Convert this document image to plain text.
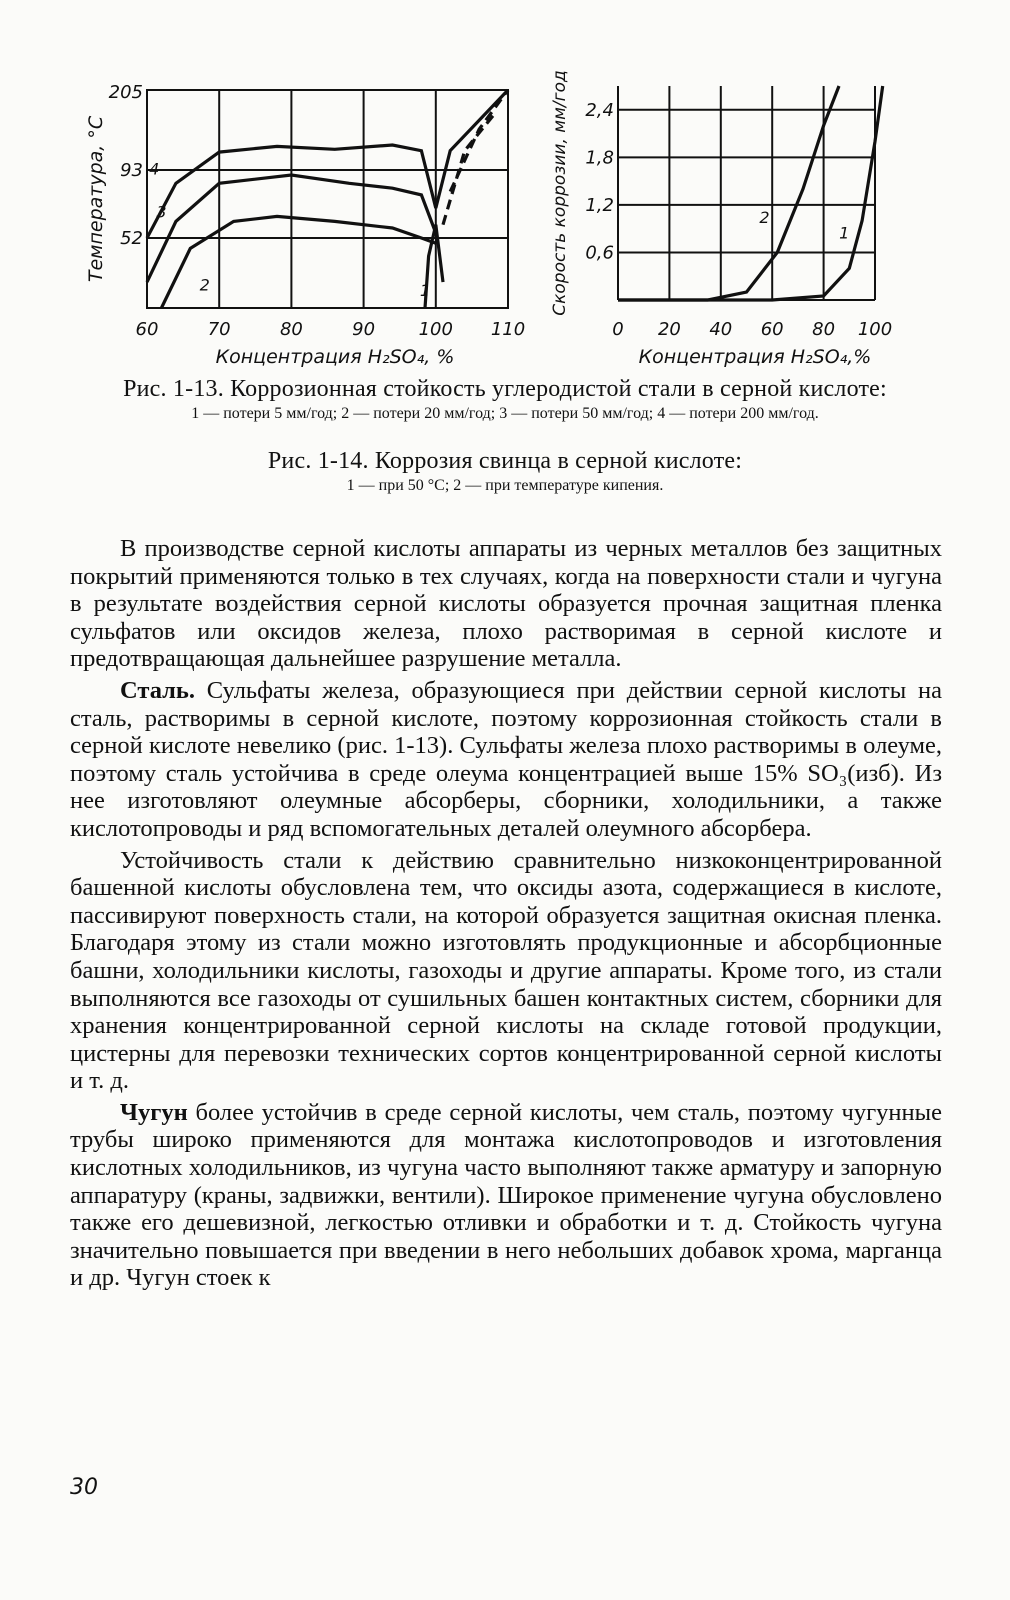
60	70	80	90 100 110
205
93
52
Концентрация H₂SO₄, %
Температура, °С
1
2
3
4
0 20 40 60 80 100
2,4
1,8
1,2
0,6
Концентрация H₂SO₄,%
Скорость коррозии, мм/год	1
2
Рис. 1-13. Коррозионная стойкость углеродистой стали в серной кислоте:
1 — потери 5 мм/год; 2 — потери 20 мм/год; 3 — потери 50 мм/год; 4 — потери 200 мм/год.
Рис. 1-14. Коррозия свинца в серной кислоте:
1 — при 50 °С; 2 — при температуре кипения.

В производстве серной кислоты аппараты из черных металлов без защитных покрытий применяются только в тех случаях, когда на поверхности стали и чугуна в результате воздействия серной кислоты образуется прочная защитная пленка сульфатов или оксидов железа, плохо растворимая в серной кислоте и предотвращающая дальнейшее разрушение металла.

Сталь. Сульфаты железа, образующиеся при действии серной кислоты на сталь, растворимы в серной кислоте, поэтому коррозионная стойкость стали в серной кислоте невелико (рис. 1-13). Сульфаты железа плохо растворимы в олеуме, поэтому сталь устойчива в среде олеума концентрацией выше 15% SO₃(изб). Из нее изготовляют олеумные абсорберы, сборники, холодильники, а также кислотопроводы и ряд вспомогательных деталей олеумного абсорбера.

Устойчивость стали к действию сравнительно низкоконцентрированной башенной кислоты обусловлена тем, что оксиды азота, содержащиеся в кислоте, пассивируют поверхность стали, на которой образуется защитная окисная пленка. Благодаря этому из стали можно изготовлять продукционные и абсорбционные башни, холодильники кислоты, газоходы и другие аппараты. Кроме того, из стали выполняются все газоходы от сушильных башен контактных систем, сборники для хранения концентрированной серной кислоты на складе готовой продукции, цистерны для перевозки технических сортов концентрированной серной кислоты и т. д.

Чугун более устойчив в среде серной кислоты, чем сталь, поэтому чугунные трубы широко применяются для монтажа кислотопроводов и изготовления кислотных холодильников, из чугуна часто выполняют также арматуру и запорную аппаратуру (краны, задвижки, вентили). Широкое применение чугуна обусловлено также его дешевизной, легкостью отливки и обработки и т. д. Стойкость чугуна значительно повышается при введении в него небольших добавок хрома, марганца и др. Чугун стоек к

30
